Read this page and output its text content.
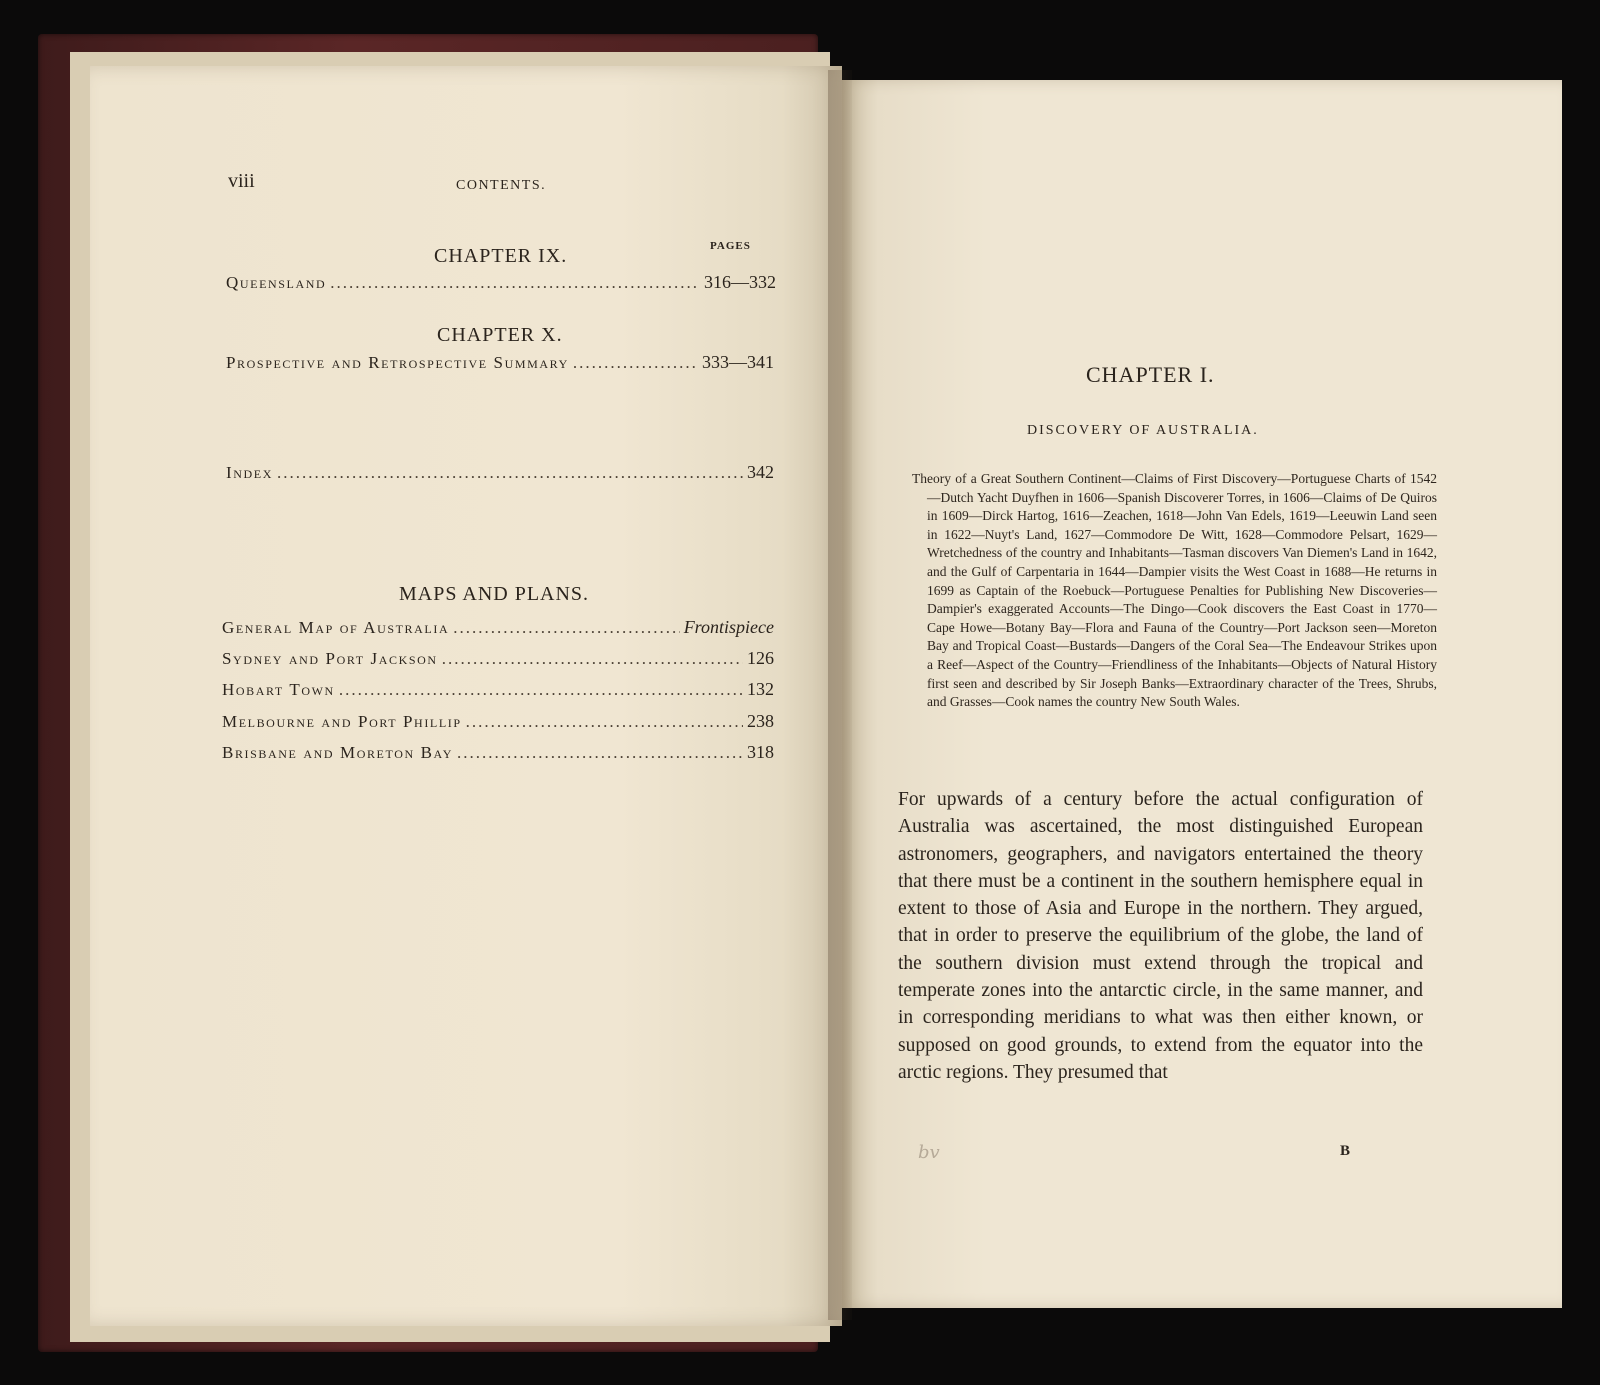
viii	CONTENTS.
PAGES
CHAPTER IX.
Queensland .....	316—332
CHAPTER X.
Prospective and Retrospective Summary .....	333—341
Index .....	342
MAPS AND PLANS.
General Map of Australia .....	Frontispiece
Sydney and Port Jackson .....	126
Hobart Town .....	132
Melbourne and Port Phillip .....	238
Brisbane and Moreton Bay .....	318
CHAPTER I.
DISCOVERY OF AUSTRALIA.
Theory of a Great Southern Continent—Claims of First Discovery—Portuguese Charts of 1542—Dutch Yacht Duyfhen in 1606—Spanish Discoverer Torres, in 1606—Claims of De Quiros in 1609—Dirck Hartog, 1616—Zeachen, 1618—John Van Edels, 1619—Leeuwin Land seen in 1622—Nuyt's Land, 1627—Commodore De Witt, 1628—Commodore Pelsart, 1629—Wretchedness of the country and Inhabitants—Tasman discovers Van Diemen's Land in 1642, and the Gulf of Carpentaria in 1644—Dampier visits the West Coast in 1688—He returns in 1699 as Captain of the Roebuck—Portuguese Penalties for Publishing New Discoveries—Dampier's exaggerated Accounts—The Dingo—Cook discovers the East Coast in 1770—Cape Howe—Botany Bay—Flora and Fauna of the Country—Port Jackson seen—Moreton Bay and Tropical Coast—Bustards—Dangers of the Coral Sea—The Endeavour Strikes upon a Reef—Aspect of the Country—Friendliness of the Inhabitants—Objects of Natural History first seen and described by Sir Joseph Banks—Extraordinary character of the Trees, Shrubs, and Grasses—Cook names the country New South Wales.
For upwards of a century before the actual configuration of Australia was ascertained, the most distinguished European astronomers, geographers, and navigators entertained the theory that there must be a continent in the southern hemisphere equal in extent to those of Asia and Europe in the northern. They argued, that in order to preserve the equilibrium of the globe, the land of the southern division must extend through the tropical and temperate zones into the antarctic circle, in the same manner, and in corresponding meridians to what was then either known, or supposed on good grounds, to extend from the equator into the arctic regions. They presumed that
bv	B
